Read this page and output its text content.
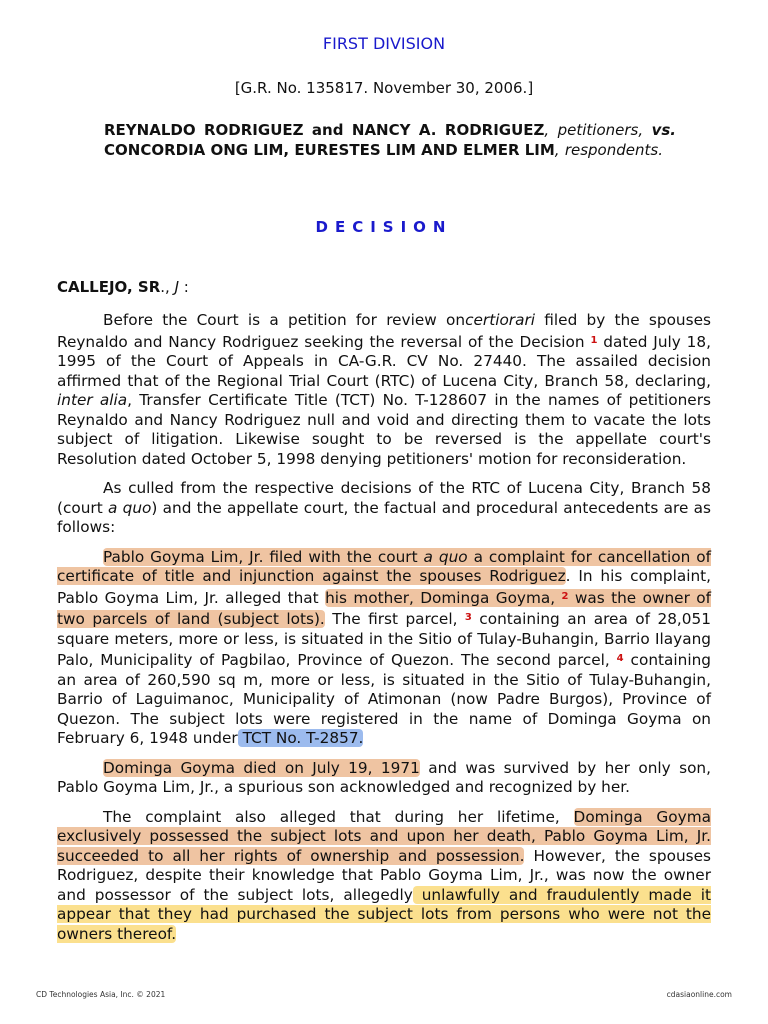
FIRST DIVISION
[G.R. No. 135817. November 30, 2006.]
REYNALDO RODRIGUEZ and NANCY A. RODRIGUEZ, petitioners, vs. CONCORDIA ONG LIM, EURESTES LIM AND ELMER LIM, respondents.
DECISION
CALLEJO, SR., J :

Before the Court is a petition for review oncertiorari filed by the spouses Reynaldo and Nancy Rodriguez seeking the reversal of the Decision $^1$ dated July 18, 1995 of the Court of Appeals in CA-G.R. CV No. 27440. The assailed decision affirmed that of the Regional Trial Court (RTC) of Lucena City, Branch 58, declaring, inter alia, Transfer Certificate Title (TCT) No. T-128607 in the names of petitioners Reynaldo and Nancy Rodriguez null and void and directing them to vacate the lots subject of litigation. Likewise sought to be reversed is the appellate court's Resolution dated October 5, 1998 denying petitioners' motion for reconsideration.

As culled from the respective decisions of the RTC of Lucena City, Branch 58 (court a quo) and the appellate court, the factual and procedural antecedents are as follows:

Pablo Goyma Lim, Jr. filed with the court a quo a complaint for cancellation of certificate of title and injunction against the spouses Rodriguez. In his complaint, Pablo Goyma Lim, Jr. alleged that his mother, Dominga Goyma, $^2$ was the owner of two parcels of land (subject lots). The first parcel, $^3$ containing an area of 28,051 square meters, more or less, is situated in the Sitio of Tulay-Buhangin, Barrio Ilayang Palo, Municipality of Pagbilao, Province of Quezon. The second parcel, $^4$ containing an area of 260,590 sq m, more or less, is situated in the Sitio of Tulay-Buhangin, Barrio of Laguimanoc, Municipality of Atimonan (now Padre Burgos), Province of Quezon. The subject lots were registered in the name of Dominga Goyma on February 6, 1948 under TCT No. T-2857.

Dominga Goyma died on July 19, 1971 and was survived by her only son, Pablo Goyma Lim, Jr., a spurious son acknowledged and recognized by her.

The complaint also alleged that during her lifetime, Dominga Goyma exclusively possessed the subject lots and upon her death, Pablo Goyma Lim, Jr. succeeded to all her rights of ownership and possession. However, the spouses Rodriguez, despite their knowledge that Pablo Goyma Lim, Jr., was now the owner and possessor of the subject lots, allegedly unlawfully and fraudulently made it appear that they had purchased the subject lots from persons who were not the owners thereof.

CD Technologies Asia, Inc. © 2021	cdasiaonline.com
